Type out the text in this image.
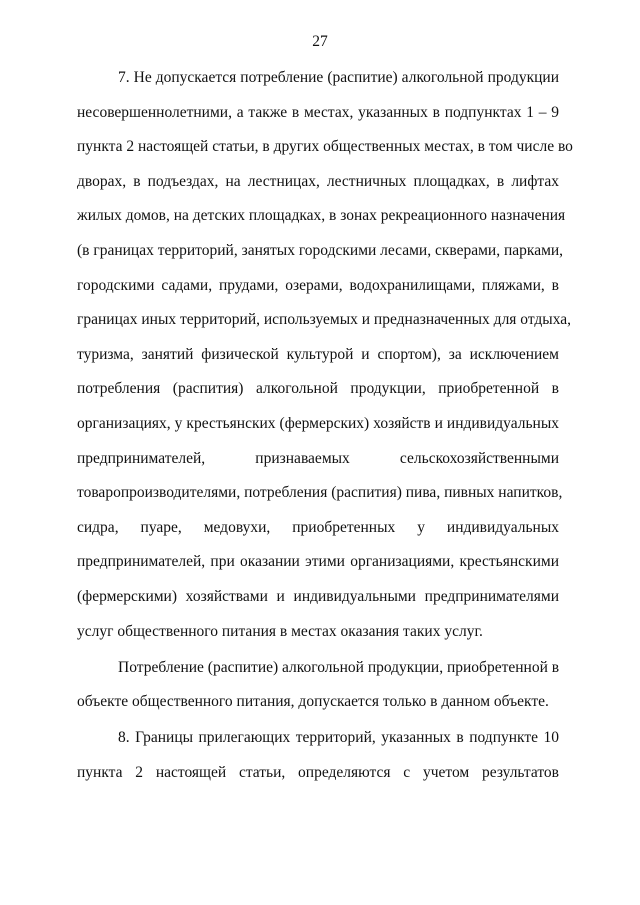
27
7. Не допускается потребление (распитие) алкогольной продукции
несовершеннолетними, а также в местах, указанных в подпунктах 1 – 9
пункта 2 настоящей статьи, в других общественных местах, в том числе во
дворах, в подъездах, на лестницах, лестничных площадках, в лифтах
жилых домов, на детских площадках, в зонах рекреационного назначения
(в границах территорий, занятых городскими лесами, скверами, парками,
городскими садами, прудами, озерами, водохранилищами, пляжами, в
границах иных территорий, используемых и предназначенных для отдыха,
туризма, занятий физической культурой и спортом), за исключением
потребления (распития) алкогольной продукции, приобретенной в
организациях, у крестьянских (фермерских) хозяйств и индивидуальных
предпринимателей, признаваемых сельскохозяйственными
товаропроизводителями, потребления (распития) пива, пивных напитков,
сидра, пуаре, медовухи, приобретенных у индивидуальных
предпринимателей, при оказании этими организациями, крестьянскими
(фермерскими) хозяйствами и индивидуальными предпринимателями
услуг общественного питания в местах оказания таких услуг.
Потребление (распитие) алкогольной продукции, приобретенной в
объекте общественного питания, допускается только в данном объекте.
8. Границы прилегающих территорий, указанных в подпункте 10
пункта 2 настоящей статьи, определяются с учетом результатов
